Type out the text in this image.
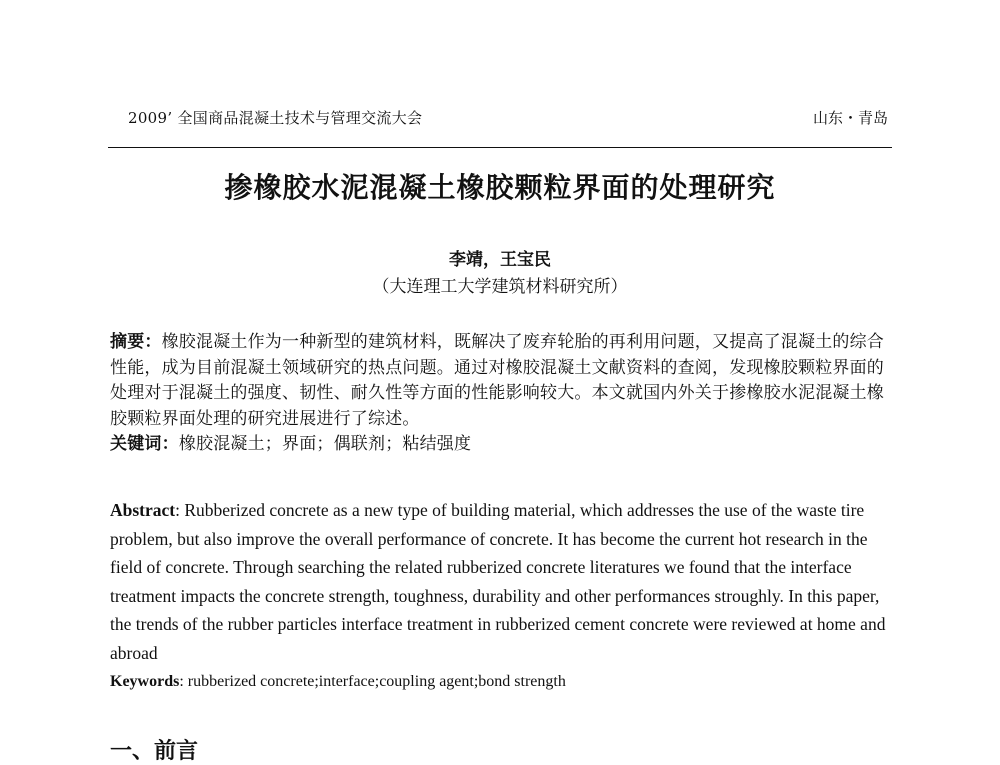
2009’ 全国商品混凝土技术与管理交流大会	山东・青岛
掺橡胶水泥混凝土橡胶颗粒界面的处理研究
李靖，王宝民
（大连理工大学建筑材料研究所）

摘要：橡胶混凝土作为一种新型的建筑材料，既解决了废弃轮胎的再利用问题，又提高了混凝土的综合性能，成为目前混凝土领域研究的热点问题。通过对橡胶混凝土文献资料的查阅，发现橡胶颗粒界面的处理对于混凝土的强度、韧性、耐久性等方面的性能影响较大。本文就国内外关于掺橡胶水泥混凝土橡胶颗粒界面处理的研究进展进行了综述。

关键词：橡胶混凝土；界面；偶联剂；粘结强度

Abstract: Rubberized concrete as a new type of building material, which addresses the use of the waste tire problem, but also improve the overall performance of concrete. It has become the current hot research in the field of concrete. Through searching the related rubberized concrete literatures we found that the interface treatment impacts the concrete strength, toughness, durability and other performances stroughly. In this paper, the trends of the rubber particles interface treatment in rubberized cement concrete were reviewed at home and abroad

Keywords: rubberized concrete;interface;coupling agent;bond strength

一、前言
